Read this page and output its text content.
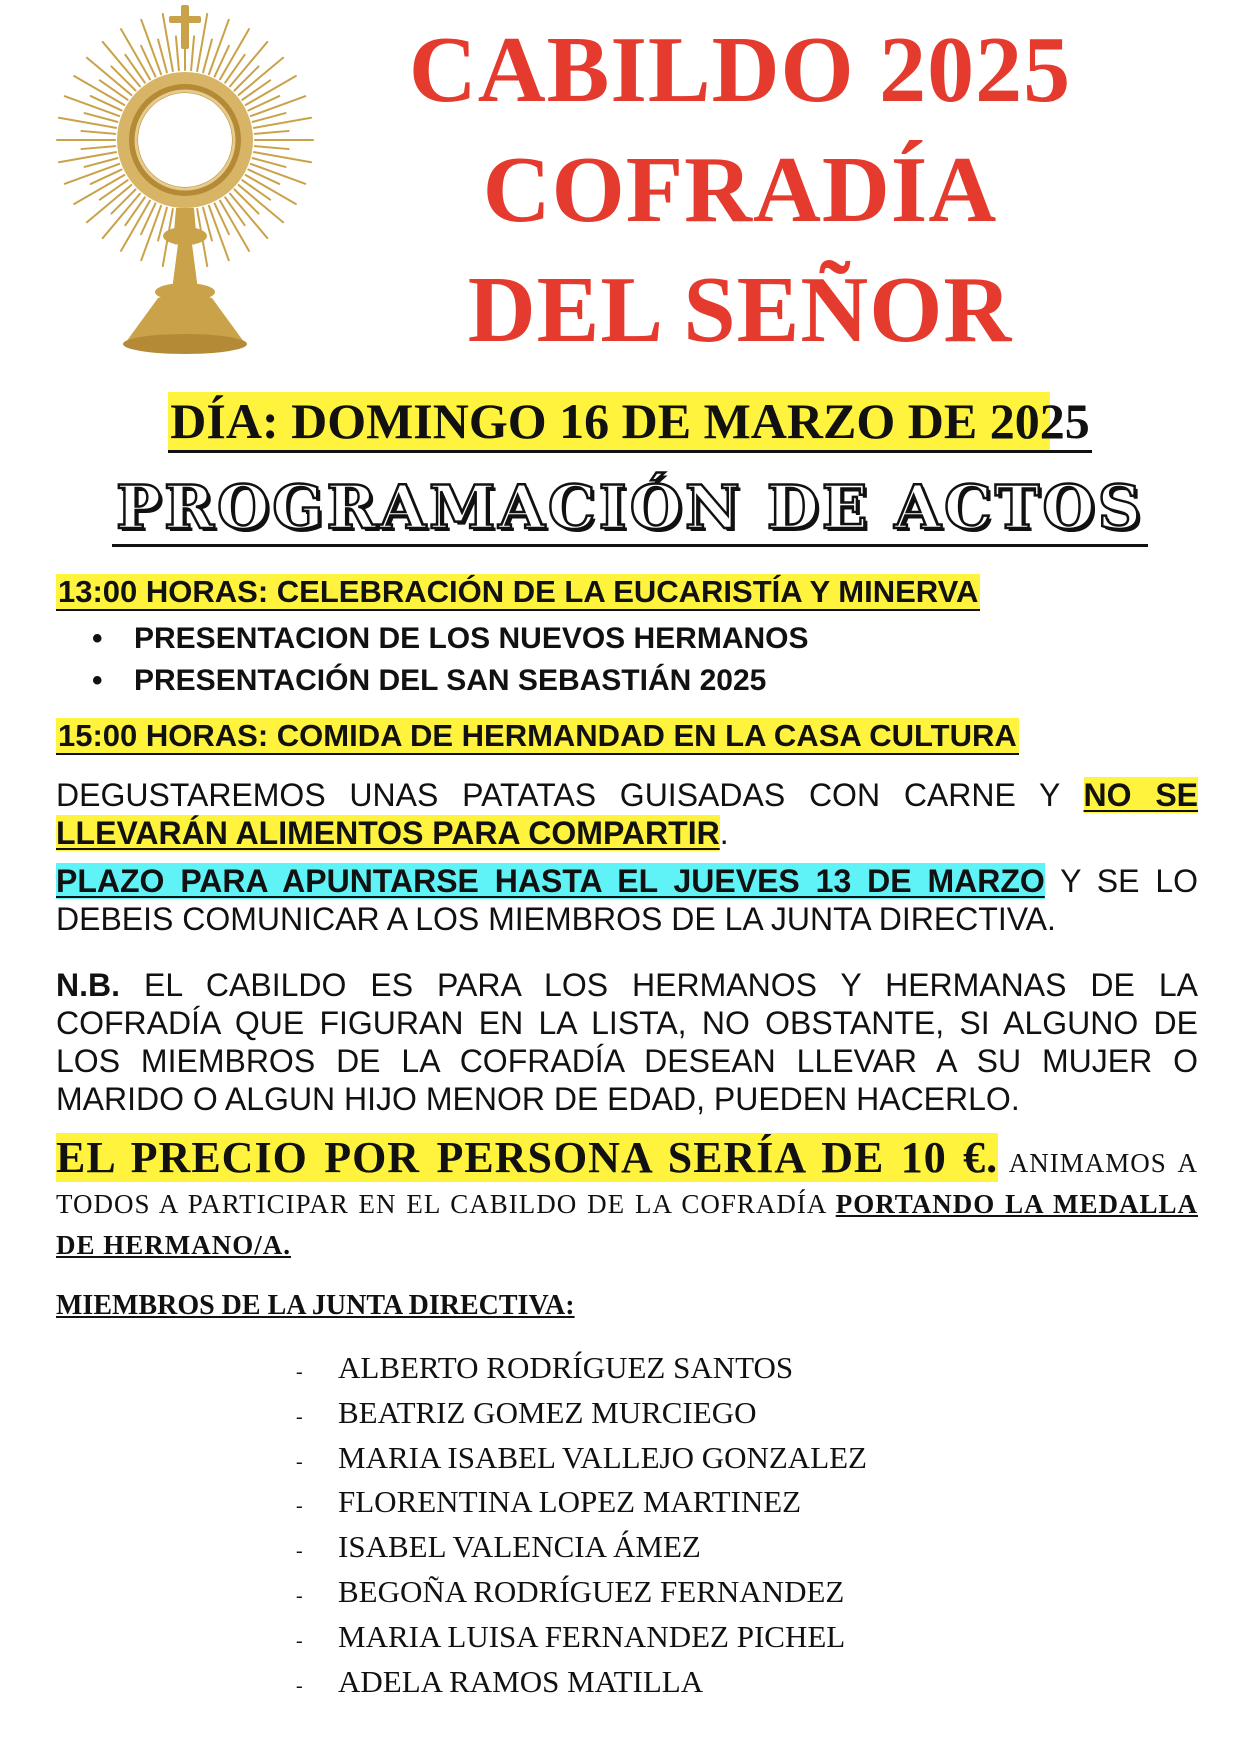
CABILDO 2025
COFRADÍA
DEL SEÑOR
DÍA: DOMINGO 16 DE MARZO DE 2025
PROGRAMACIÓN DE ACTOS
13:00 HORAS: CELEBRACIÓN DE LA EUCARISTÍA Y MINERVA
• PRESENTACION DE LOS NUEVOS HERMANOS
• PRESENTACIÓN DEL SAN SEBASTIÁN 2025
15:00 HORAS: COMIDA DE HERMANDAD EN LA CASA CULTURA
DEGUSTAREMOS UNAS PATATAS GUISADAS CON CARNE Y NO SE LLEVARÁN ALIMENTOS PARA COMPARTIR.
PLAZO PARA APUNTARSE HASTA EL JUEVES 13 DE MARZO Y SE LO DEBEIS COMUNICAR A LOS MIEMBROS DE LA JUNTA DIRECTIVA.
N.B. EL CABILDO ES PARA LOS HERMANOS Y HERMANAS DE LA COFRADÍA QUE FIGURAN EN LA LISTA, NO OBSTANTE, SI ALGUNO DE LOS MIEMBROS DE LA COFRADÍA DESEAN LLEVAR A SU MUJER O MARIDO O ALGUN HIJO MENOR DE EDAD, PUEDEN HACERLO.
EL PRECIO POR PERSONA SERÍA DE 10 €. ANIMAMOS A TODOS A PARTICIPAR EN EL CABILDO DE LA COFRADÍA PORTANDO LA MEDALLA DE HERMANO/A.
MIEMBROS DE LA JUNTA DIRECTIVA:
- ALBERTO RODRÍGUEZ SANTOS
- BEATRIZ GOMEZ MURCIEGO
- MARIA ISABEL VALLEJO GONZALEZ
- FLORENTINA LOPEZ MARTINEZ
- ISABEL VALENCIA ÁMEZ
- BEGOÑA RODRÍGUEZ FERNANDEZ
- MARIA LUISA FERNANDEZ PICHEL
- ADELA RAMOS MATILLA
